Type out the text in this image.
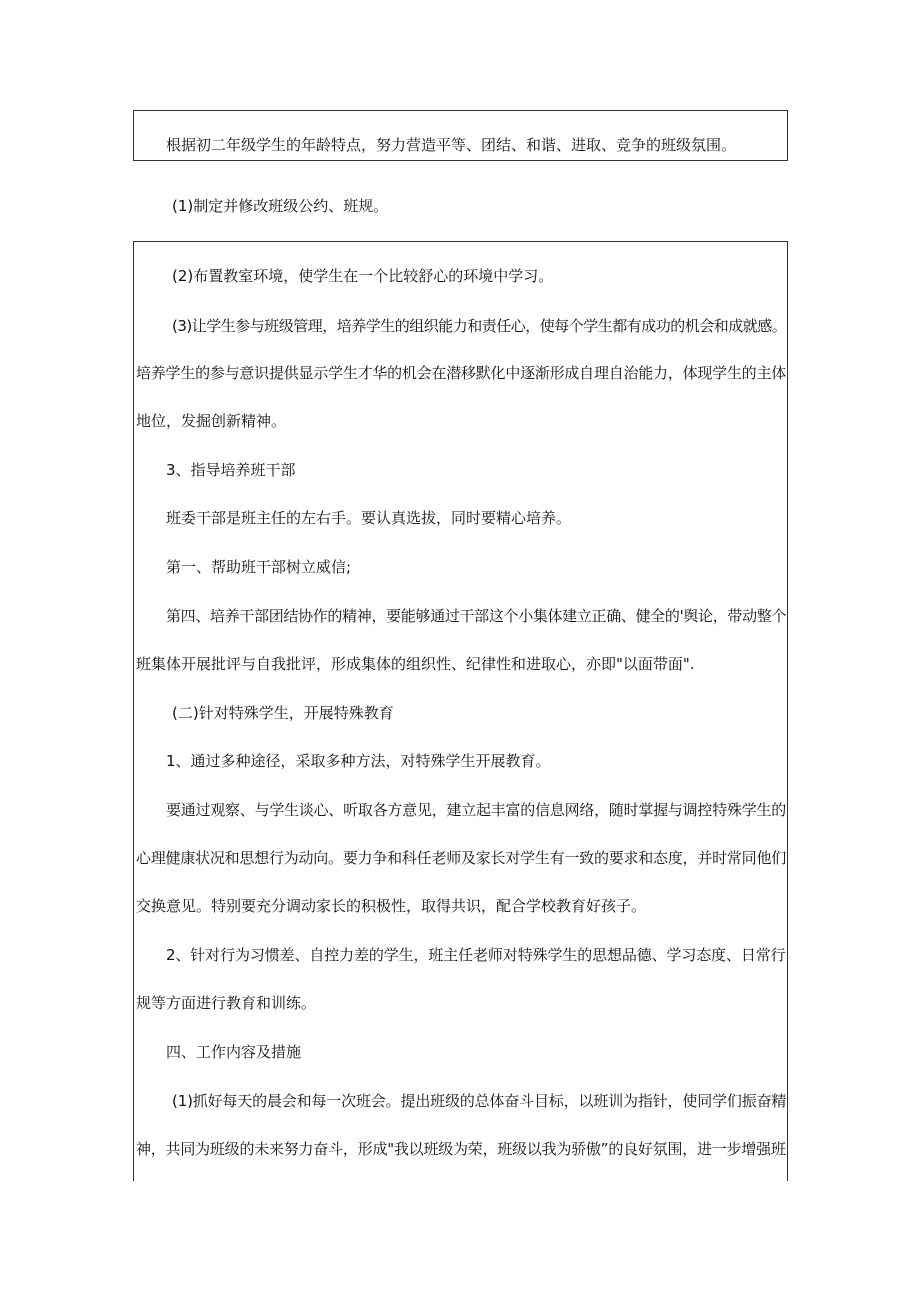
根据初二年级学生的年龄特点，努力营造平等、团结、和谐、进取、竞争的班级氛围。
(1)制定并修改班级公约、班规。
(2)布置教室环境，使学生在一个比较舒心的环境中学习。
(3)让学生参与班级管理，培养学生的组织能力和责任心，使每个学生都有成功的机会和成就感。
培养学生的参与意识提供显示学生才华的机会在潜移默化中逐渐形成自理自治能力，体现学生的主体
地位，发掘创新精神。
3、指导培养班干部
班委干部是班主任的左右手。要认真选拔，同时要精心培养。
第一、帮助班干部树立威信;
第四、培养干部团结协作的精神，要能够通过干部这个小集体建立正确、健全的'舆论，带动整个
班集体开展批评与自我批评，形成集体的组织性、纪律性和进取心，亦即"以面带面".
(二)针对特殊学生，开展特殊教育
1、通过多种途径，采取多种方法，对特殊学生开展教育。
要通过观察、与学生谈心、听取各方意见，建立起丰富的信息网络，随时掌握与调控特殊学生的
心理健康状况和思想行为动向。要力争和科任老师及家长对学生有一致的要求和态度，并时常同他们
交换意见。特别要充分调动家长的积极性，取得共识，配合学校教育好孩子。
2、针对行为习惯差、自控力差的学生，班主任老师对特殊学生的思想品德、学习态度、日常行
规等方面进行教育和训练。
四、工作内容及措施
(1)抓好每天的晨会和每一次班会。提出班级的总体奋斗目标，以班训为指针，使同学们振奋精
神，共同为班级的未来努力奋斗，形成"我以班级为荣，班级以我为骄傲”的良好氛围，进一步增强班
